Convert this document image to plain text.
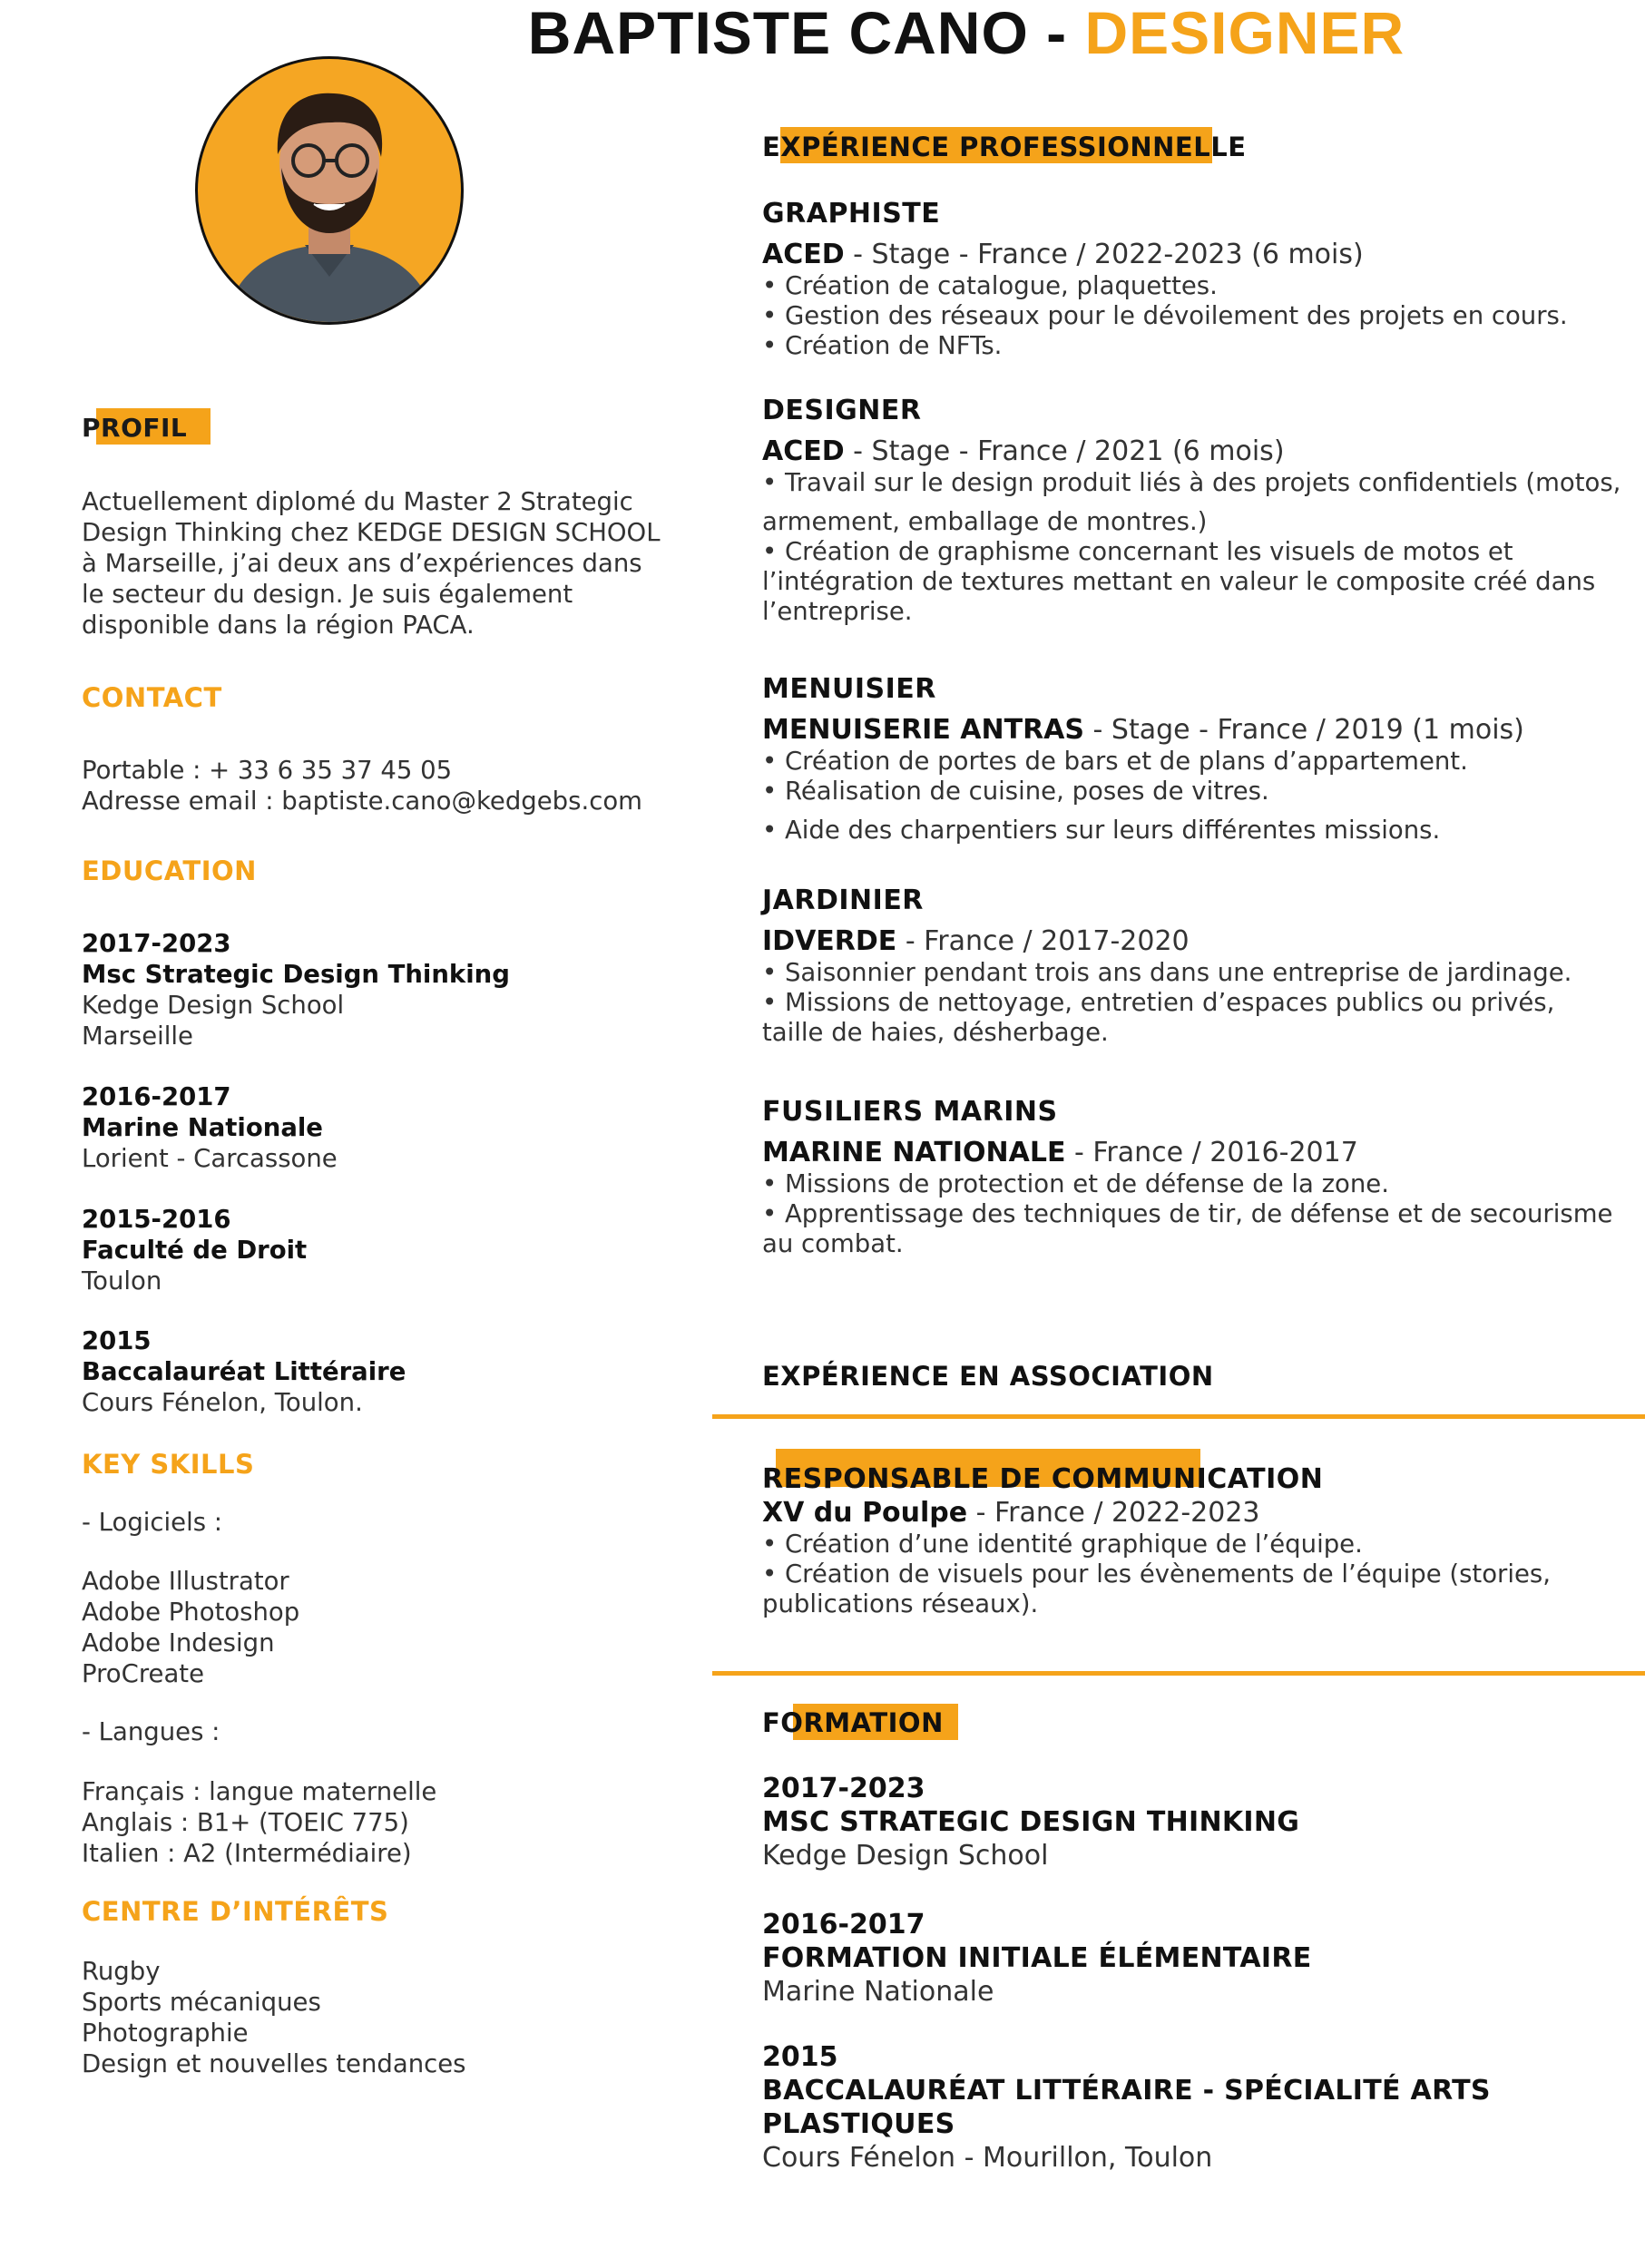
BAPTISTE CANO - DESIGNER
PROFIL
Actuellement diplomé du Master 2 Strategic
Design Thinking chez KEDGE DESIGN SCHOOL
à Marseille, j’ai deux ans d’expériences dans
le secteur du design. Je suis également
disponible dans la région PACA.
CONTACT
Portable : + 33 6 35 37 45 05
Adresse email : baptiste.cano@kedgebs.com
EDUCATION
2017-2023
Msc Strategic Design Thinking
Kedge Design School
Marseille
2016-2017
Marine Nationale
Lorient - Carcassone
2015-2016
Faculté de Droit
Toulon
2015
Baccalauréat Littéraire
Cours Fénelon, Toulon.
KEY SKILLS
- Logiciels :
Adobe Illustrator
Adobe Photoshop
Adobe Indesign
ProCreate
- Langues :
Français : langue maternelle
Anglais : B1+ (TOEIC 775)
Italien : A2 (Intermédiaire)
CENTRE D’INTÉRÊTS
Rugby
Sports mécaniques
Photographie
Design et nouvelles tendances
EXPÉRIENCE PROFESSIONNELLE
GRAPHISTE
ACED - Stage - France / 2022-2023 (6 mois)
• Création de catalogue, plaquettes.
• Gestion des réseaux pour le dévoilement des projets en cours.
• Création de NFTs.
DESIGNER
ACED - Stage - France / 2021 (6 mois)
• Travail sur le design produit liés à des projets confidentiels (motos,
armement, emballage de montres.)
• Création de graphisme concernant les visuels de motos et
l’intégration de textures mettant en valeur le composite créé dans
l’entreprise.
MENUISIER
MENUISERIE ANTRAS - Stage - France / 2019 (1 mois)
• Création de portes de bars et de plans d’appartement.
• Réalisation de cuisine, poses de vitres.
• Aide des charpentiers sur leurs différentes missions.
JARDINIER
IDVERDE - France / 2017-2020
• Saisonnier pendant trois ans dans une entreprise de jardinage.
• Missions de nettoyage, entretien d’espaces publics ou privés,
taille de haies, désherbage.
FUSILIERS MARINS
MARINE NATIONALE - France / 2016-2017
• Missions de protection et de défense de la zone.
• Apprentissage des techniques de tir, de défense et de secourisme
au combat.
EXPÉRIENCE EN ASSOCIATION
RESPONSABLE DE COMMUNICATION
XV du Poulpe - France / 2022-2023
• Création d’une identité graphique de l’équipe.
• Création de visuels pour les évènements de l’équipe (stories,
publications réseaux).
FORMATION
2017-2023
MSC STRATEGIC DESIGN THINKING
Kedge Design School
2016-2017
FORMATION INITIALE ÉLÉMENTAIRE
Marine Nationale
2015
BACCALAURÉAT LITTÉRAIRE - SPÉCIALITÉ ARTS PLASTIQUES
Cours Fénelon - Mourillon, Toulon
